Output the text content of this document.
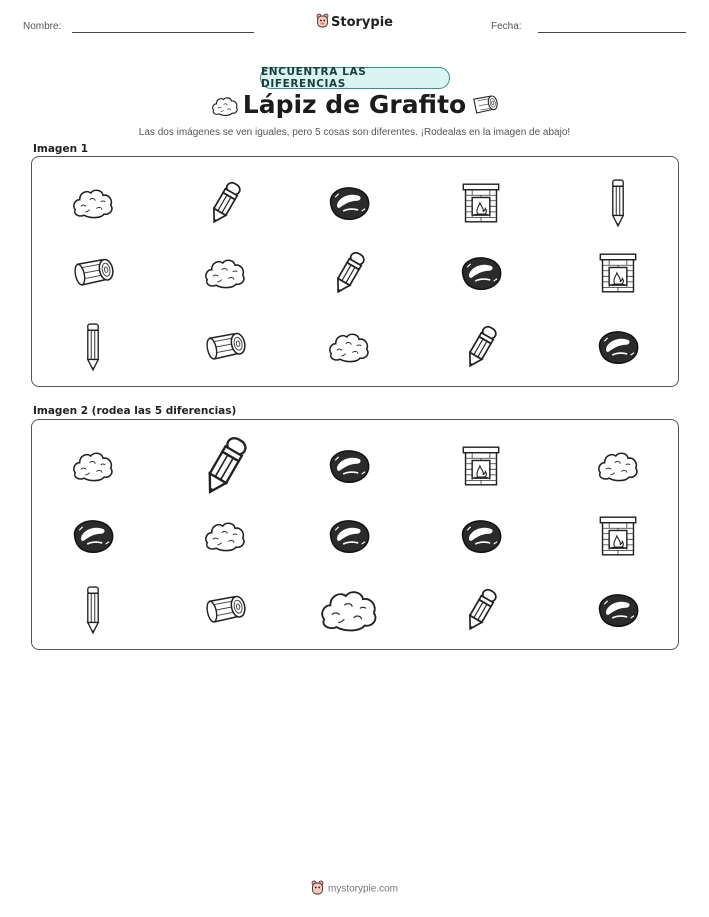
Nombre:	Storypie	Fecha:
ENCUENTRA LAS DIFERENCIAS
Lápiz de Grafito
Las dos imágenes se ven iguales, pero 5 cosas son diferentes. ¡Rodealas en la imagen de abajo!
Imagen 1
Imagen 2 (rodea las 5 diferencias)
mystorypie.com
